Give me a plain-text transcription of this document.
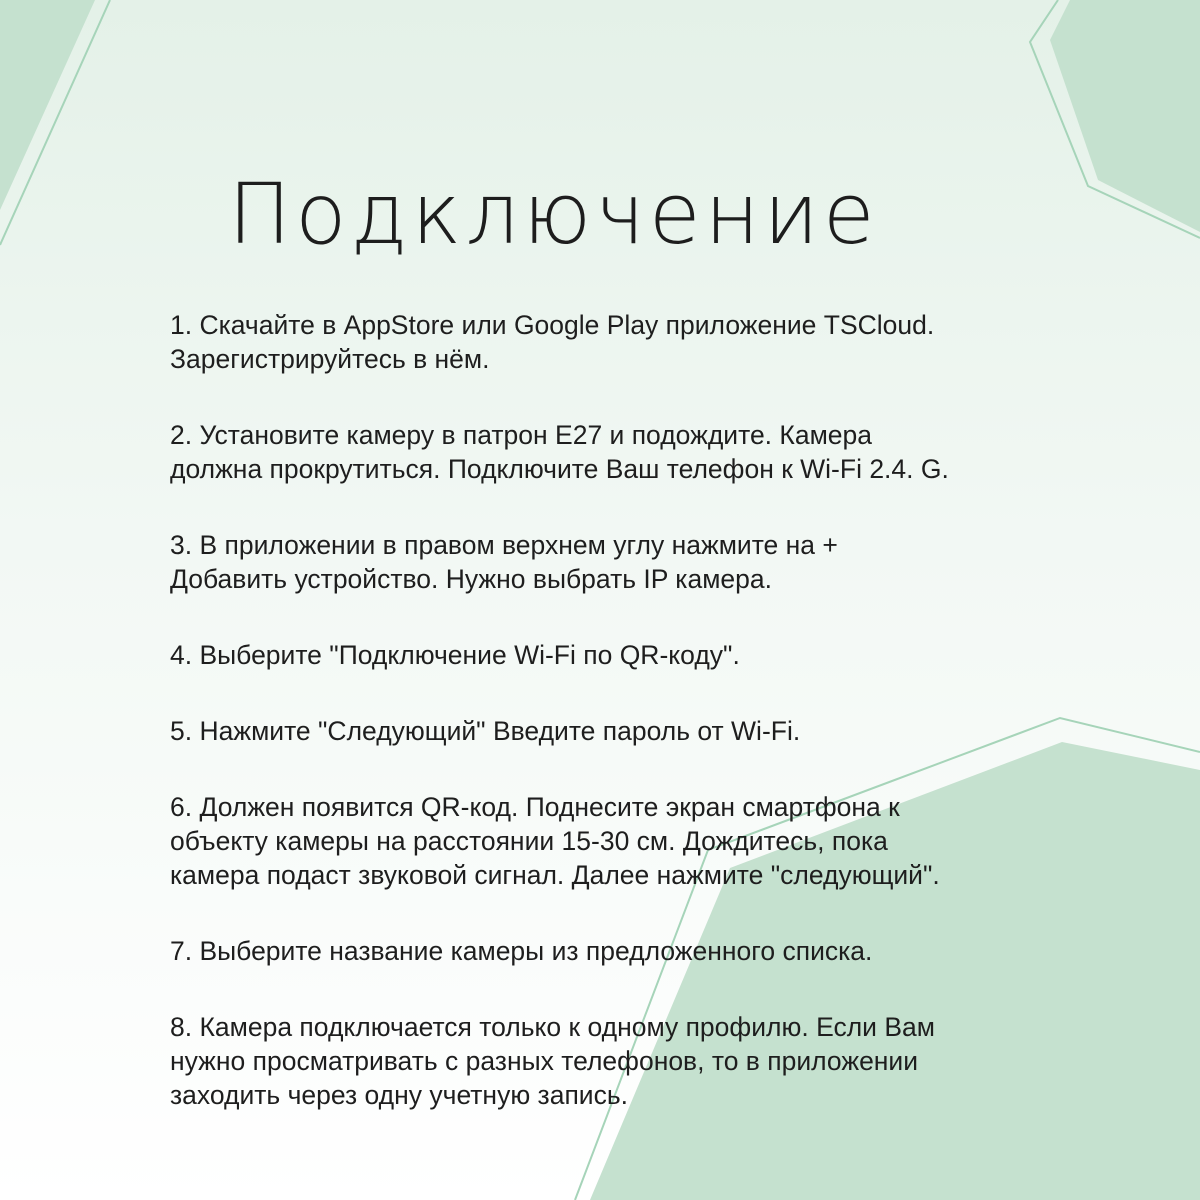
Подключение

1. Скачайте в AppStore или Google Play приложение TSCloud.
Зарегистрируйтесь в нём.

2. Установите камеру в патрон E27 и подождите. Камера
должна прокрутиться. Подключите Ваш телефон к Wi-Fi 2.4. G.

3. В приложении в правом верхнем углу нажмите на +
Добавить устройство. Нужно выбрать IP камера.

4. Выберите "Подключение Wi-Fi по QR-коду".

5. Нажмите "Следующий" Введите пароль от Wi-Fi.

6. Должен появится QR-код. Поднесите экран смартфона к
объекту камеры на расстоянии 15-30 см. Дождитесь, пока
камера подаст звуковой сигнал. Далее нажмите "следующий".

7. Выберите название камеры из предложенного списка.

8. Камера подключается только к одному профилю. Если Вам
нужно просматривать с разных телефонов, то в приложении
заходить через одну учетную запись.
